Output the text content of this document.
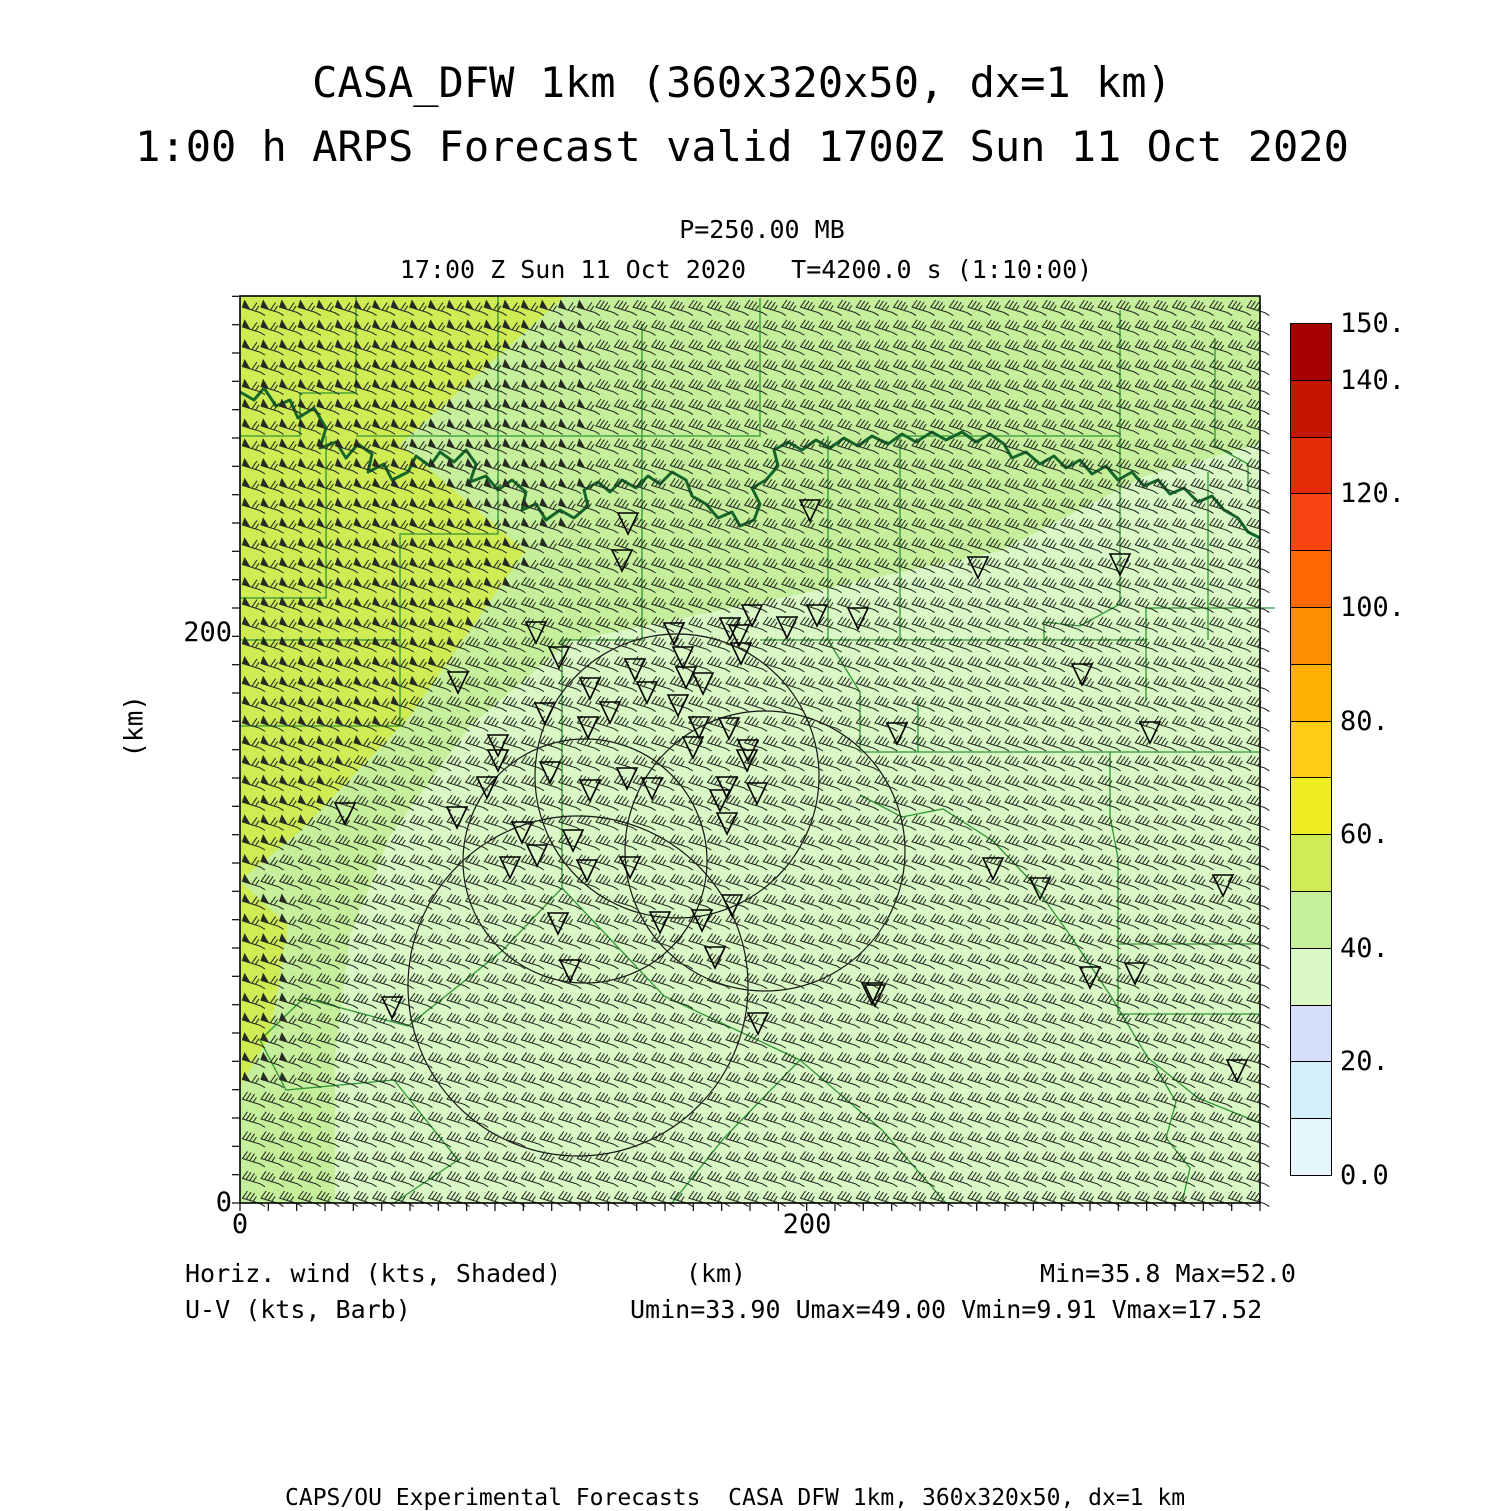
CASA_DFW 1km (360x320x50, dx=1 km)
1:00 h ARPS Forecast valid 1700Z Sun 11 Oct 2020
P=250.00 MB
17:00 Z Sun 11 Oct 2020   T=4200.0 s (1:10:00)
200
0
(km)
0	200
150.
140.
120.
100.
80.
60.
40.
20.
0.0
Horiz. wind (kts, Shaded)
U-V (kts, Barb)
(km)	Min=35.8 Max=52.0
Umin=33.90 Umax=49.00 Vmin=9.91 Vmax=17.52
CAPS/OU Experimental Forecasts  CASA DFW 1km, 360x320x50, dx=1 km
